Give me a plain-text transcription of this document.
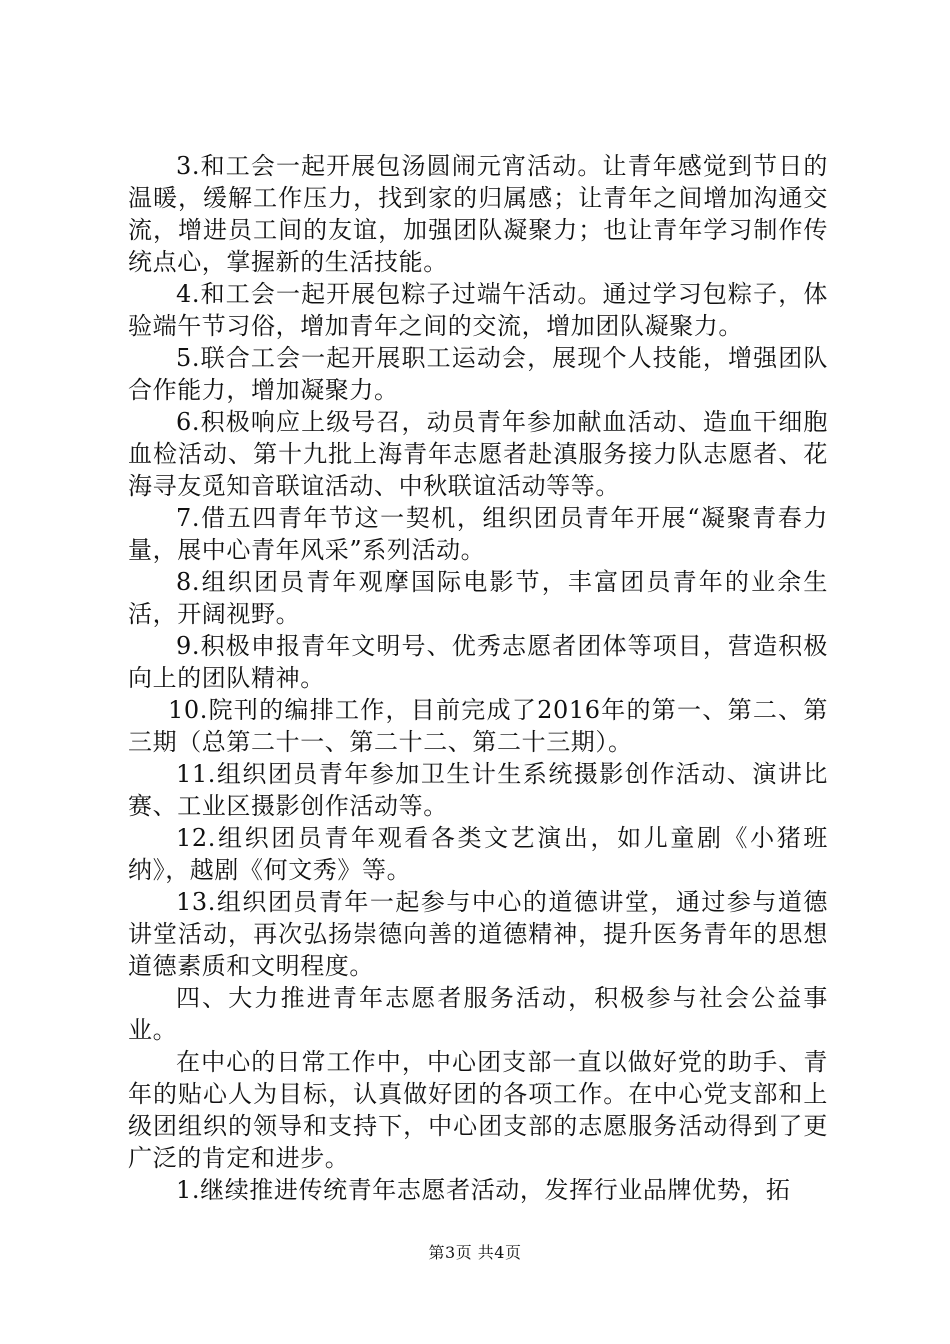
3.和工会一起开展包汤圆闹元宵活动。让青年感觉到节日的温暖，缓解工作压力，找到家的归属感；让青年之间增加沟通交流，增进员工间的友谊，加强团队凝聚力；也让青年学习制作传统点心，掌握新的生活技能。

4.和工会一起开展包粽子过端午活动。通过学习包粽子，体验端午节习俗，增加青年之间的交流，增加团队凝聚力。

5.联合工会一起开展职工运动会，展现个人技能，增强团队合作能力，增加凝聚力。

6.积极响应上级号召，动员青年参加献血活动、造血干细胞血检活动、第十九批上海青年志愿者赴滇服务接力队志愿者、花海寻友觅知音联谊活动、中秋联谊活动等等。

7.借五四青年节这一契机，组织团员青年开展“凝聚青春力量，展中心青年风采”系列活动。

8.组织团员青年观摩国际电影节，丰富团员青年的业余生活，开阔视野。

9.积极申报青年文明号、优秀志愿者团体等项目，营造积极向上的团队精神。

10.院刊的编排工作，目前完成了2016年的第一、第二、第三期（总第二十一、第二十二、第二十三期）。

11.组织团员青年参加卫生计生系统摄影创作活动、演讲比赛、工业区摄影创作活动等。

12.组织团员青年观看各类文艺演出，如儿童剧《小猪班纳》，越剧《何文秀》等。

13.组织团员青年一起参与中心的道德讲堂，通过参与道德讲堂活动，再次弘扬崇德向善的道德精神，提升医务青年的思想道德素质和文明程度。

四、大力推进青年志愿者服务活动，积极参与社会公益事业。

在中心的日常工作中，中心团支部一直以做好党的助手、青年的贴心人为目标，认真做好团的各项工作。在中心党支部和上级团组织的领导和支持下，中心团支部的志愿服务活动得到了更广泛的肯定和进步。

1.继续推进传统青年志愿者活动，发挥行业品牌优势，拓

第3页 共4页
